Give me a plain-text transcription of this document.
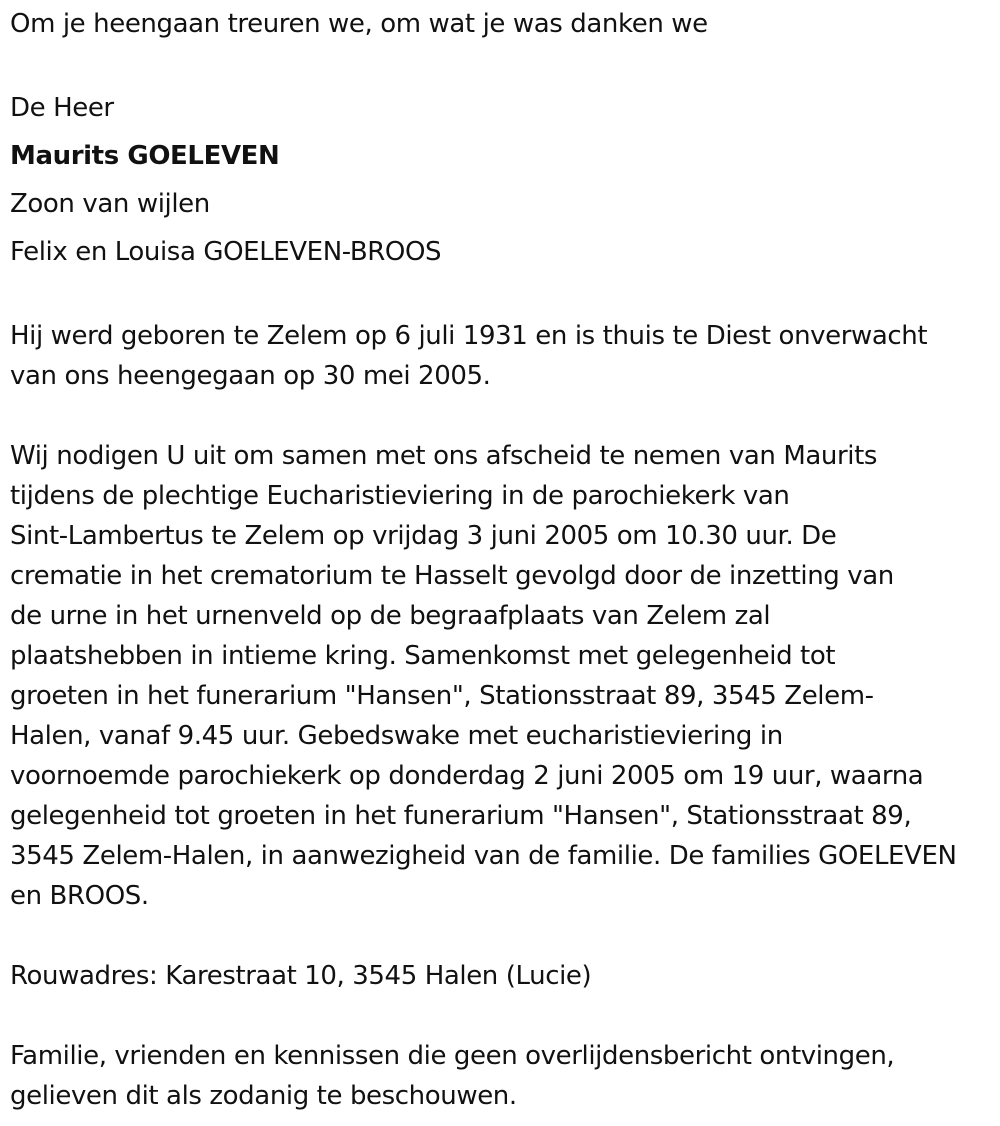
Om je heengaan treuren we, om wat je was danken we

De Heer

Maurits GOELEVEN

Zoon van wijlen

Felix en Louisa GOELEVEN-BROOS

Hij werd geboren te Zelem op 6 juli 1931 en is thuis te Diest onverwacht
van ons heengegaan op 30 mei 2005.

Wij nodigen U uit om samen met ons afscheid te nemen van Maurits
tijdens de plechtige Eucharistieviering in de parochiekerk van
Sint-Lambertus te Zelem op vrijdag 3 juni 2005 om 10.30 uur. De
crematie in het crematorium te Hasselt gevolgd door de inzetting van
de urne in het urnenveld op de begraafplaats van Zelem zal
plaatshebben in intieme kring. Samenkomst met gelegenheid tot
groeten in het funerarium "Hansen", Stationsstraat 89, 3545 Zelem-
Halen, vanaf 9.45 uur. Gebedswake met eucharistieviering in
voornoemde parochiekerk op donderdag 2 juni 2005 om 19 uur, waarna
gelegenheid tot groeten in het funerarium "Hansen", Stationsstraat 89,
3545 Zelem-Halen, in aanwezigheid van de familie. De families GOELEVEN
en BROOS.

Rouwadres: Karestraat 10, 3545 Halen (Lucie)

Familie, vrienden en kennissen die geen overlijdensbericht ontvingen,
gelieven dit als zodanig te beschouwen.
